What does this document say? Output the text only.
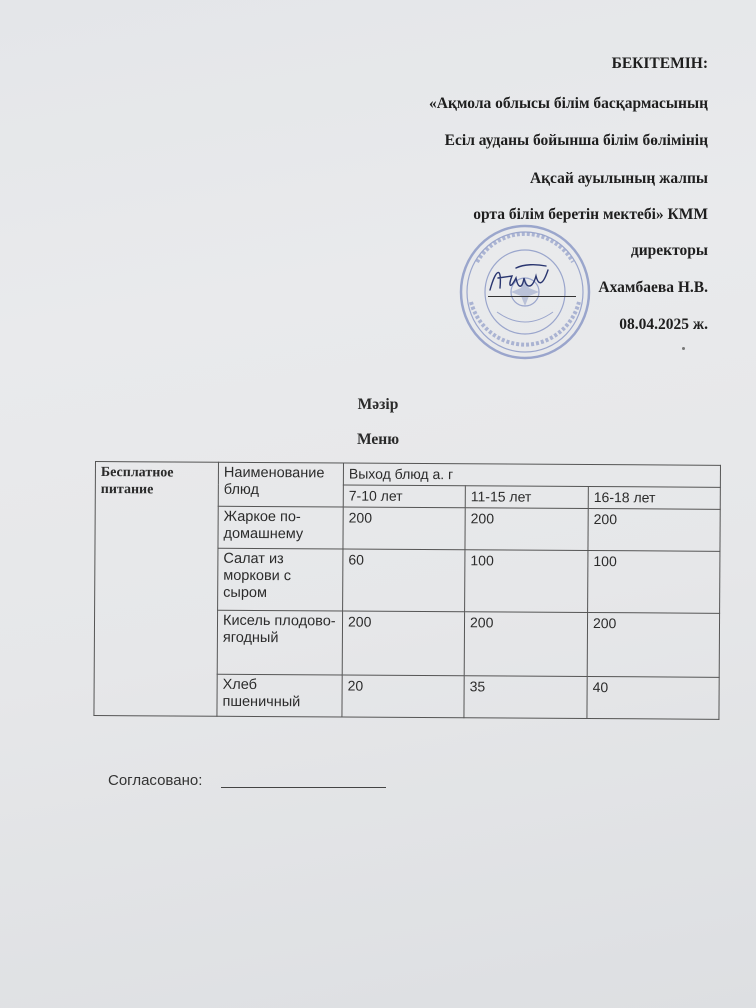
БЕКІТЕМІН:
«Ақмола облысы білім басқармасының
Есіл ауданы бойынша білім бөлімінің
Ақсай ауылының жалпы
орта білім беретін мектебі» КММ
директоры
Ахамбаева Н.В.
08.04.2025 ж.
Мәзір
Меню
Бесплатное питание	Наименование блюд	Выход блюд а. г		
		7-10 лет	11-15 лет	16-18 лет
	Жаркое по-домашнему	200	200	200
	Салат из моркови с сыром	60	100	100
	Кисель плодово-ягодный	200	200	200
	Хлеб пшеничный	20	35	40
Согласовано:
